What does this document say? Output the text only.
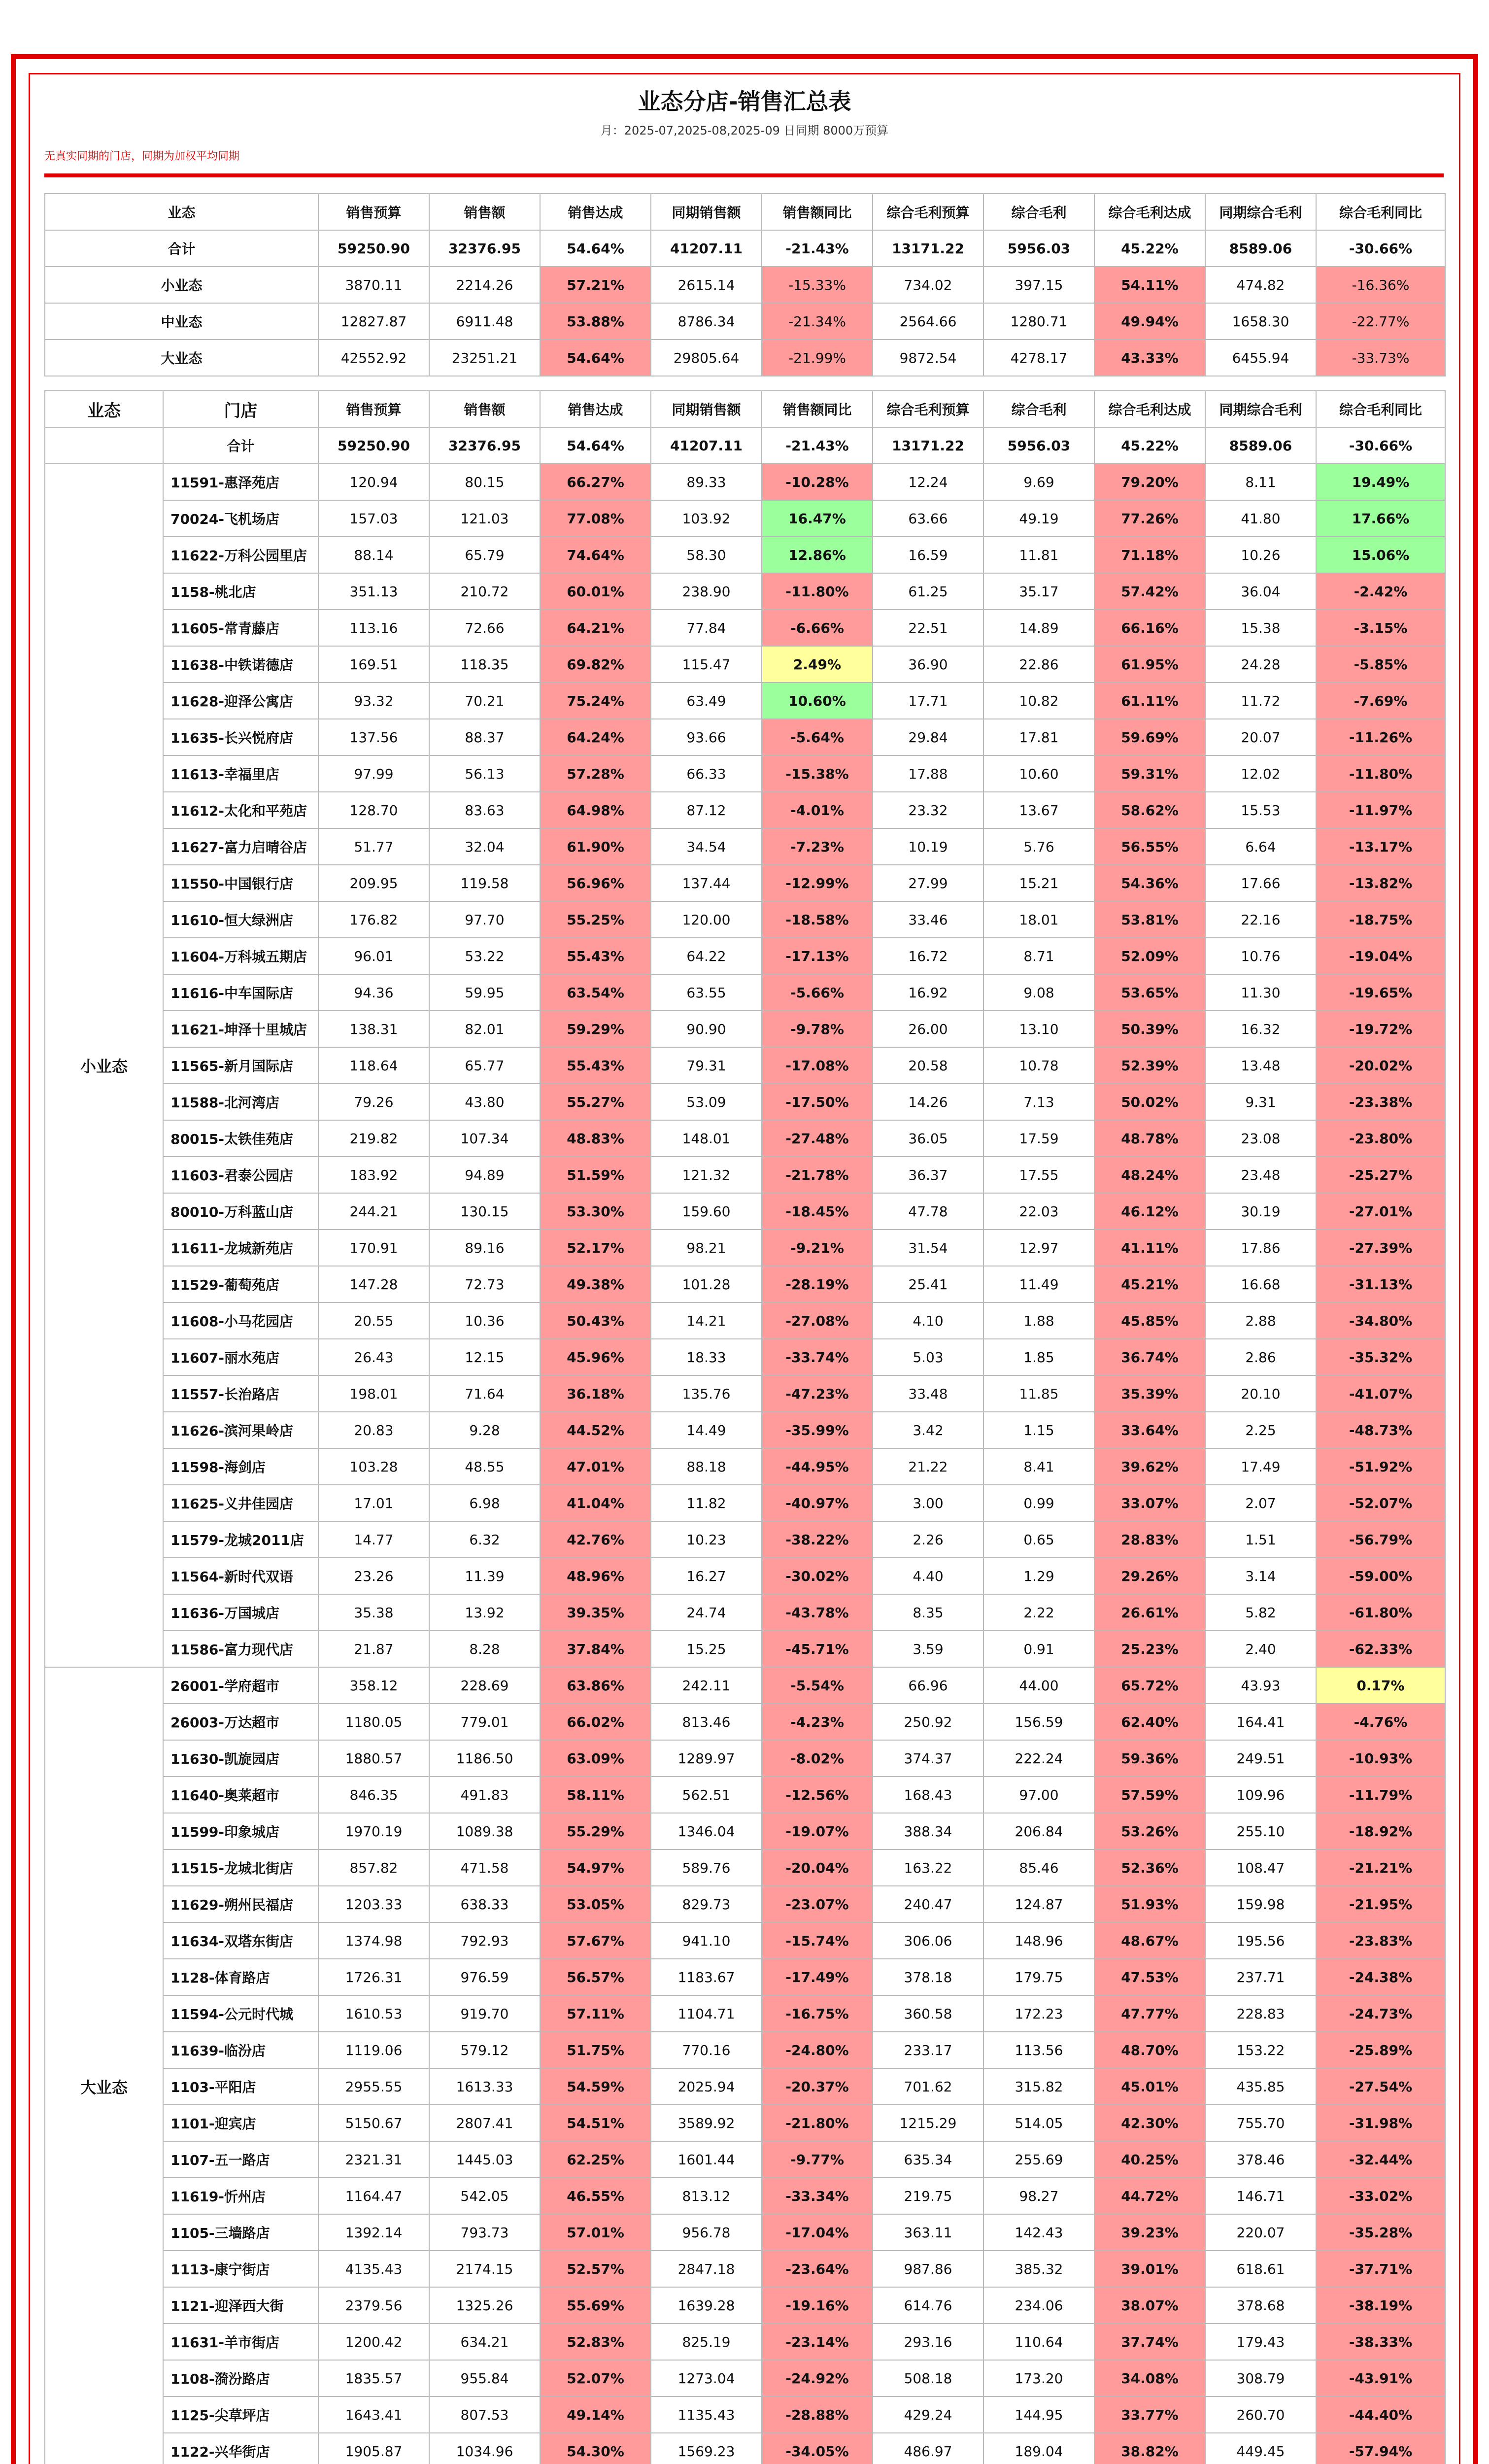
业态分店-销售汇总表
月：2025-07,2025-08,2025-09 日同期 8000万预算
无真实同期的门店，同期为加权平均同期
业态	销售预算	销售额	销售达成	同期销售额	销售额同比	综合毛利预算	综合毛利	综合毛利达成	同期综合毛利	综合毛利同比
合计	59250.90	32376.95	54.64%	41207.11	-21.43%	13171.22	5956.03	45.22%	8589.06	-30.66%
小业态	3870.11	2214.26	57.21%	2615.14	-15.33%	734.02	397.15	54.11%	474.82	-16.36%
中业态	12827.87	6911.48	53.88%	8786.34	-21.34%	2564.66	1280.71	49.94%	1658.30	-22.77%
大业态	42552.92	23251.21	54.64%	29805.64	-21.99%	9872.54	4278.17	43.33%	6455.94	-33.73%
业态	门店	销售预算	销售额	销售达成	同期销售额	销售额同比	综合毛利预算	综合毛利	综合毛利达成	同期综合毛利	综合毛利同比
	合计	59250.90	32376.95	54.64%	41207.11	-21.43%	13171.22	5956.03	45.22%	8589.06	-30.66%
小业态	11591-惠泽苑店	120.94	80.15	66.27%	89.33	-10.28%	12.24	9.69	79.20%	8.11	19.49%
	70024-飞机场店	157.03	121.03	77.08%	103.92	16.47%	63.66	49.19	77.26%	41.80	17.66%
	11622-万科公园里店	88.14	65.79	74.64%	58.30	12.86%	16.59	11.81	71.18%	10.26	15.06%
	1158-桃北店	351.13	210.72	60.01%	238.90	-11.80%	61.25	35.17	57.42%	36.04	-2.42%
	11605-常青藤店	113.16	72.66	64.21%	77.84	-6.66%	22.51	14.89	66.16%	15.38	-3.15%
	11638-中铁诺德店	169.51	118.35	69.82%	115.47	2.49%	36.90	22.86	61.95%	24.28	-5.85%
	11628-迎泽公寓店	93.32	70.21	75.24%	63.49	10.60%	17.71	10.82	61.11%	11.72	-7.69%
	11635-长兴悦府店	137.56	88.37	64.24%	93.66	-5.64%	29.84	17.81	59.69%	20.07	-11.26%
	11613-幸福里店	97.99	56.13	57.28%	66.33	-15.38%	17.88	10.60	59.31%	12.02	-11.80%
	11612-太化和平苑店	128.70	83.63	64.98%	87.12	-4.01%	23.32	13.67	58.62%	15.53	-11.97%
	11627-富力启晴谷店	51.77	32.04	61.90%	34.54	-7.23%	10.19	5.76	56.55%	6.64	-13.17%
	11550-中国银行店	209.95	119.58	56.96%	137.44	-12.99%	27.99	15.21	54.36%	17.66	-13.82%
	11610-恒大绿洲店	176.82	97.70	55.25%	120.00	-18.58%	33.46	18.01	53.81%	22.16	-18.75%
	11604-万科城五期店	96.01	53.22	55.43%	64.22	-17.13%	16.72	8.71	52.09%	10.76	-19.04%
	11616-中车国际店	94.36	59.95	63.54%	63.55	-5.66%	16.92	9.08	53.65%	11.30	-19.65%
	11621-坤泽十里城店	138.31	82.01	59.29%	90.90	-9.78%	26.00	13.10	50.39%	16.32	-19.72%
	11565-新月国际店	118.64	65.77	55.43%	79.31	-17.08%	20.58	10.78	52.39%	13.48	-20.02%
	11588-北河湾店	79.26	43.80	55.27%	53.09	-17.50%	14.26	7.13	50.02%	9.31	-23.38%
	80015-太铁佳苑店	219.82	107.34	48.83%	148.01	-27.48%	36.05	17.59	48.78%	23.08	-23.80%
	11603-君泰公园店	183.92	94.89	51.59%	121.32	-21.78%	36.37	17.55	48.24%	23.48	-25.27%
	80010-万科蓝山店	244.21	130.15	53.30%	159.60	-18.45%	47.78	22.03	46.12%	30.19	-27.01%
	11611-龙城新苑店	170.91	89.16	52.17%	98.21	-9.21%	31.54	12.97	41.11%	17.86	-27.39%
	11529-葡萄苑店	147.28	72.73	49.38%	101.28	-28.19%	25.41	11.49	45.21%	16.68	-31.13%
	11608-小马花园店	20.55	10.36	50.43%	14.21	-27.08%	4.10	1.88	45.85%	2.88	-34.80%
	11607-丽水苑店	26.43	12.15	45.96%	18.33	-33.74%	5.03	1.85	36.74%	2.86	-35.32%
	11557-长治路店	198.01	71.64	36.18%	135.76	-47.23%	33.48	11.85	35.39%	20.10	-41.07%
	11626-滨河果岭店	20.83	9.28	44.52%	14.49	-35.99%	3.42	1.15	33.64%	2.25	-48.73%
	11598-海剑店	103.28	48.55	47.01%	88.18	-44.95%	21.22	8.41	39.62%	17.49	-51.92%
	11625-义井佳园店	17.01	6.98	41.04%	11.82	-40.97%	3.00	0.99	33.07%	2.07	-52.07%
	11579-龙城2011店	14.77	6.32	42.76%	10.23	-38.22%	2.26	0.65	28.83%	1.51	-56.79%
	11564-新时代双语	23.26	11.39	48.96%	16.27	-30.02%	4.40	1.29	29.26%	3.14	-59.00%
	11636-万国城店	35.38	13.92	39.35%	24.74	-43.78%	8.35	2.22	26.61%	5.82	-61.80%
	11586-富力现代店	21.87	8.28	37.84%	15.25	-45.71%	3.59	0.91	25.23%	2.40	-62.33%
大业态	26001-学府超市	358.12	228.69	63.86%	242.11	-5.54%	66.96	44.00	65.72%	43.93	0.17%
	26003-万达超市	1180.05	779.01	66.02%	813.46	-4.23%	250.92	156.59	62.40%	164.41	-4.76%
	11630-凯旋园店	1880.57	1186.50	63.09%	1289.97	-8.02%	374.37	222.24	59.36%	249.51	-10.93%
	11640-奥莱超市	846.35	491.83	58.11%	562.51	-12.56%	168.43	97.00	57.59%	109.96	-11.79%
	11599-印象城店	1970.19	1089.38	55.29%	1346.04	-19.07%	388.34	206.84	53.26%	255.10	-18.92%
	11515-龙城北街店	857.82	471.58	54.97%	589.76	-20.04%	163.22	85.46	52.36%	108.47	-21.21%
	11629-朔州民福店	1203.33	638.33	53.05%	829.73	-23.07%	240.47	124.87	51.93%	159.98	-21.95%
	11634-双塔东街店	1374.98	792.93	57.67%	941.10	-15.74%	306.06	148.96	48.67%	195.56	-23.83%
	1128-体育路店	1726.31	976.59	56.57%	1183.67	-17.49%	378.18	179.75	47.53%	237.71	-24.38%
	11594-公元时代城	1610.53	919.70	57.11%	1104.71	-16.75%	360.58	172.23	47.77%	228.83	-24.73%
	11639-临汾店	1119.06	579.12	51.75%	770.16	-24.80%	233.17	113.56	48.70%	153.22	-25.89%
	1103-平阳店	2955.55	1613.33	54.59%	2025.94	-20.37%	701.62	315.82	45.01%	435.85	-27.54%
	1101-迎宾店	5150.67	2807.41	54.51%	3589.92	-21.80%	1215.29	514.05	42.30%	755.70	-31.98%
	1107-五一路店	2321.31	1445.03	62.25%	1601.44	-9.77%	635.34	255.69	40.25%	378.46	-32.44%
	11619-忻州店	1164.47	542.05	46.55%	813.12	-33.34%	219.75	98.27	44.72%	146.71	-33.02%
	1105-三墙路店	1392.14	793.73	57.01%	956.78	-17.04%	363.11	142.43	39.23%	220.07	-35.28%
	1113-康宁街店	4135.43	2174.15	52.57%	2847.18	-23.64%	987.86	385.32	39.01%	618.61	-37.71%
	1121-迎泽西大街	2379.56	1325.26	55.69%	1639.28	-19.16%	614.76	234.06	38.07%	378.68	-38.19%
	11631-羊市街店	1200.42	634.21	52.83%	825.19	-23.14%	293.16	110.64	37.74%	179.43	-38.33%
	1108-漪汾路店	1835.57	955.84	52.07%	1273.04	-24.92%	508.18	173.20	34.08%	308.79	-43.91%
	1125-尖草坪店	1643.41	807.53	49.14%	1135.43	-28.88%	429.24	144.95	33.77%	260.70	-44.40%
	1122-兴华街店	1905.87	1034.96	54.30%	1569.23	-34.05%	486.97	189.04	38.82%	449.45	-57.94%
